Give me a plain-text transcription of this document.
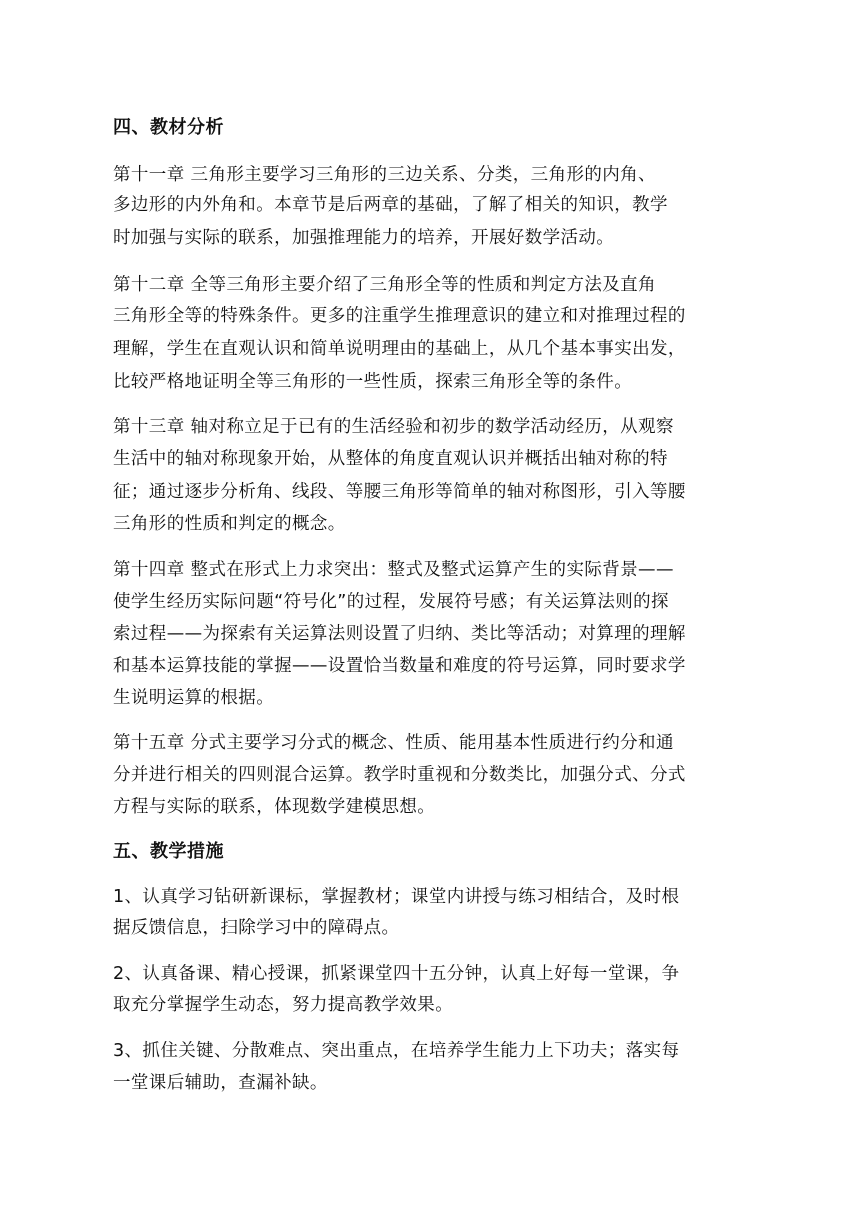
四、教材分析
第十一章 三角形主要学习三角形的三边关系、分类，三角形的内角、
多边形的内外角和。本章节是后两章的基础，了解了相关的知识，教学
时加强与实际的联系，加强推理能力的培养，开展好数学活动。
第十二章 全等三角形主要介绍了三角形全等的性质和判定方法及直角
三角形全等的特殊条件。更多的注重学生推理意识的建立和对推理过程的
理解，学生在直观认识和简单说明理由的基础上，从几个基本事实出发，
比较严格地证明全等三角形的一些性质，探索三角形全等的条件。
第十三章 轴对称立足于已有的生活经验和初步的数学活动经历，从观察
生活中的轴对称现象开始，从整体的角度直观认识并概括出轴对称的特
征；通过逐步分析角、线段、等腰三角形等简单的轴对称图形，引入等腰
三角形的性质和判定的概念。
第十四章 整式在形式上力求突出：整式及整式运算产生的实际背景——
使学生经历实际问题“符号化”的过程，发展符号感；有关运算法则的探
索过程——为探索有关运算法则设置了归纳、类比等活动；对算理的理解
和基本运算技能的掌握——设置恰当数量和难度的符号运算，同时要求学
生说明运算的根据。
第十五章 分式主要学习分式的概念、性质、能用基本性质进行约分和通
分并进行相关的四则混合运算。教学时重视和分数类比，加强分式、分式
方程与实际的联系，体现数学建模思想。
五、教学措施
1、认真学习钻研新课标，掌握教材；课堂内讲授与练习相结合，及时根
据反馈信息，扫除学习中的障碍点。
2、认真备课、精心授课，抓紧课堂四十五分钟，认真上好每一堂课，争
取充分掌握学生动态，努力提高教学效果。
3、抓住关键、分散难点、突出重点，在培养学生能力上下功夫；落实每
一堂课后辅助，查漏补缺。
